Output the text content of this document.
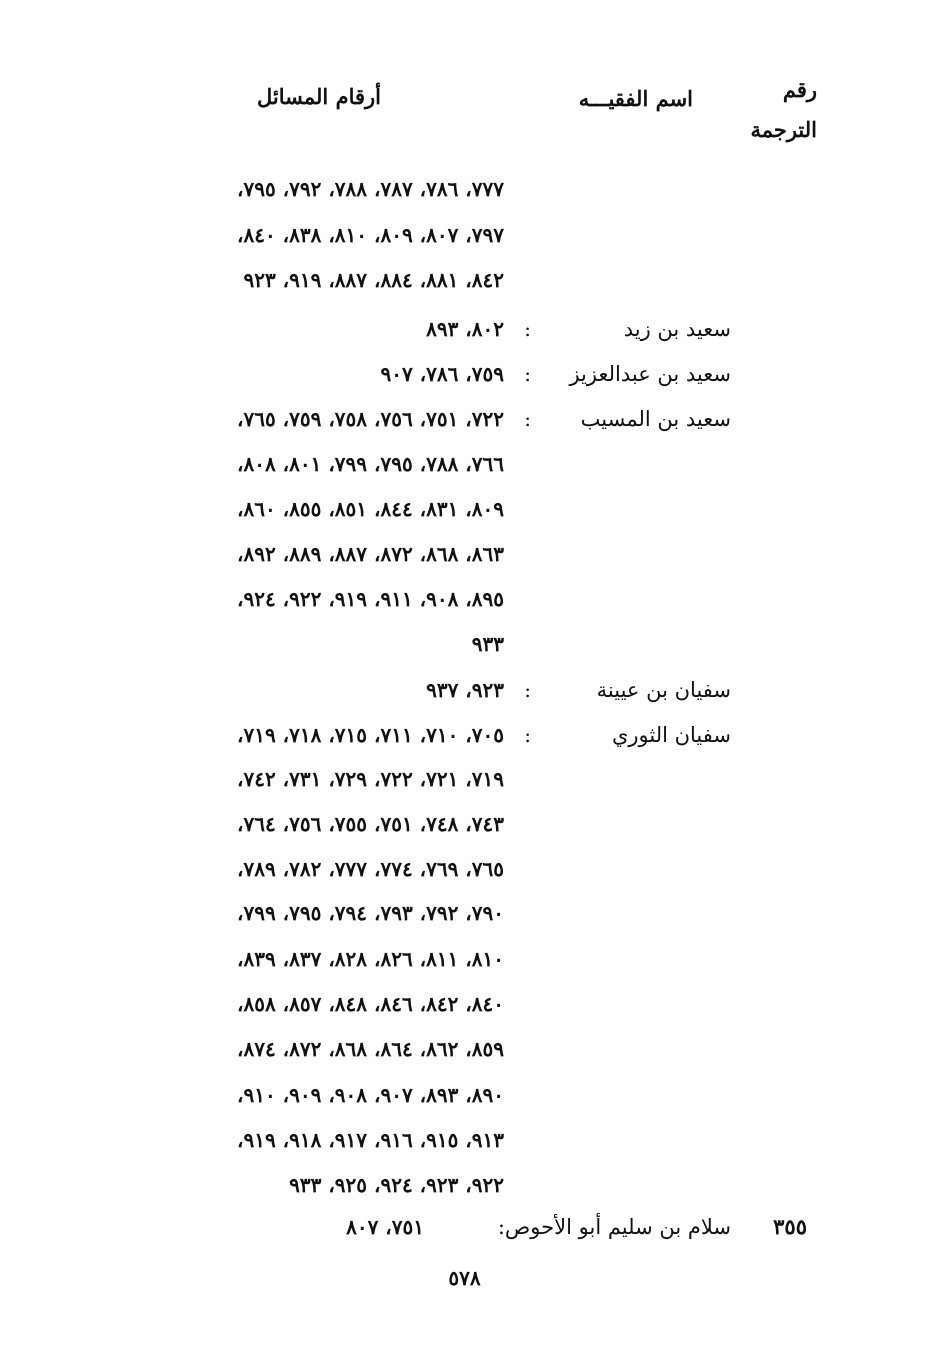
رقم
الترجمة
اسم الفقيـــه
أرقام المسائل
٧٧٧، ٧٨٦، ٧٨٧، ٧٨٨، ٧٩٢، ٧٩٥،
٧٩٧، ٨٠٧، ٨٠٩، ٨١٠، ٨٣٨، ٨٤٠،
٨٤٢، ٨٨١، ٨٨٤، ٨٨٧، ٩١٩، ٩٢٣
سعيد بن زيد
:
٨٠٢، ٨٩٣
سعيد بن عبدالعزيز
:
٧٥٩، ٧٨٦، ٩٠٧
سعيد بن المسيب
:
٧٢٢، ٧٥١، ٧٥٦، ٧٥٨، ٧٥٩، ٧٦٥،
٧٦٦، ٧٨٨، ٧٩٥، ٧٩٩، ٨٠١، ٨٠٨،
٨٠٩، ٨٣١، ٨٤٤، ٨٥١، ٨٥٥، ٨٦٠،
٨٦٣، ٨٦٨، ٨٧٢، ٨٨٧، ٨٨٩، ٨٩٢،
٨٩٥، ٩٠٨، ٩١١، ٩١٩، ٩٢٢، ٩٢٤،
٩٣٣
سفيان بن عيينة
:
٩٢٣، ٩٣٧
سفيان الثوري
:
٧٠٥، ٧١٠، ٧١١، ٧١٥، ٧١٨، ٧١٩،
٧١٩، ٧٢١، ٧٢٢، ٧٢٩، ٧٣١، ٧٤٢،
٧٤٣، ٧٤٨، ٧٥١، ٧٥٥، ٧٥٦، ٧٦٤،
٧٦٥، ٧٦٩، ٧٧٤، ٧٧٧، ٧٨٢، ٧٨٩،
٧٩٠، ٧٩٢، ٧٩٣، ٧٩٤، ٧٩٥، ٧٩٩،
٨١٠، ٨١١، ٨٢٦، ٨٢٨، ٨٣٧، ٨٣٩،
٨٤٠، ٨٤٢، ٨٤٦، ٨٤٨، ٨٥٧، ٨٥٨،
٨٥٩، ٨٦٢، ٨٦٤، ٨٦٨، ٨٧٢، ٨٧٤،
٨٩٠، ٨٩٣، ٩٠٧، ٩٠٨، ٩٠٩، ٩١٠،
٩١٣، ٩١٥، ٩١٦، ٩١٧، ٩١٨، ٩١٩،
٩٢٢، ٩٢٣، ٩٢٤، ٩٢٥، ٩٣٣
٣٥٥
سلام بن سليم أبو الأحوص:
٧٥١، ٨٠٧
٥٧٨
